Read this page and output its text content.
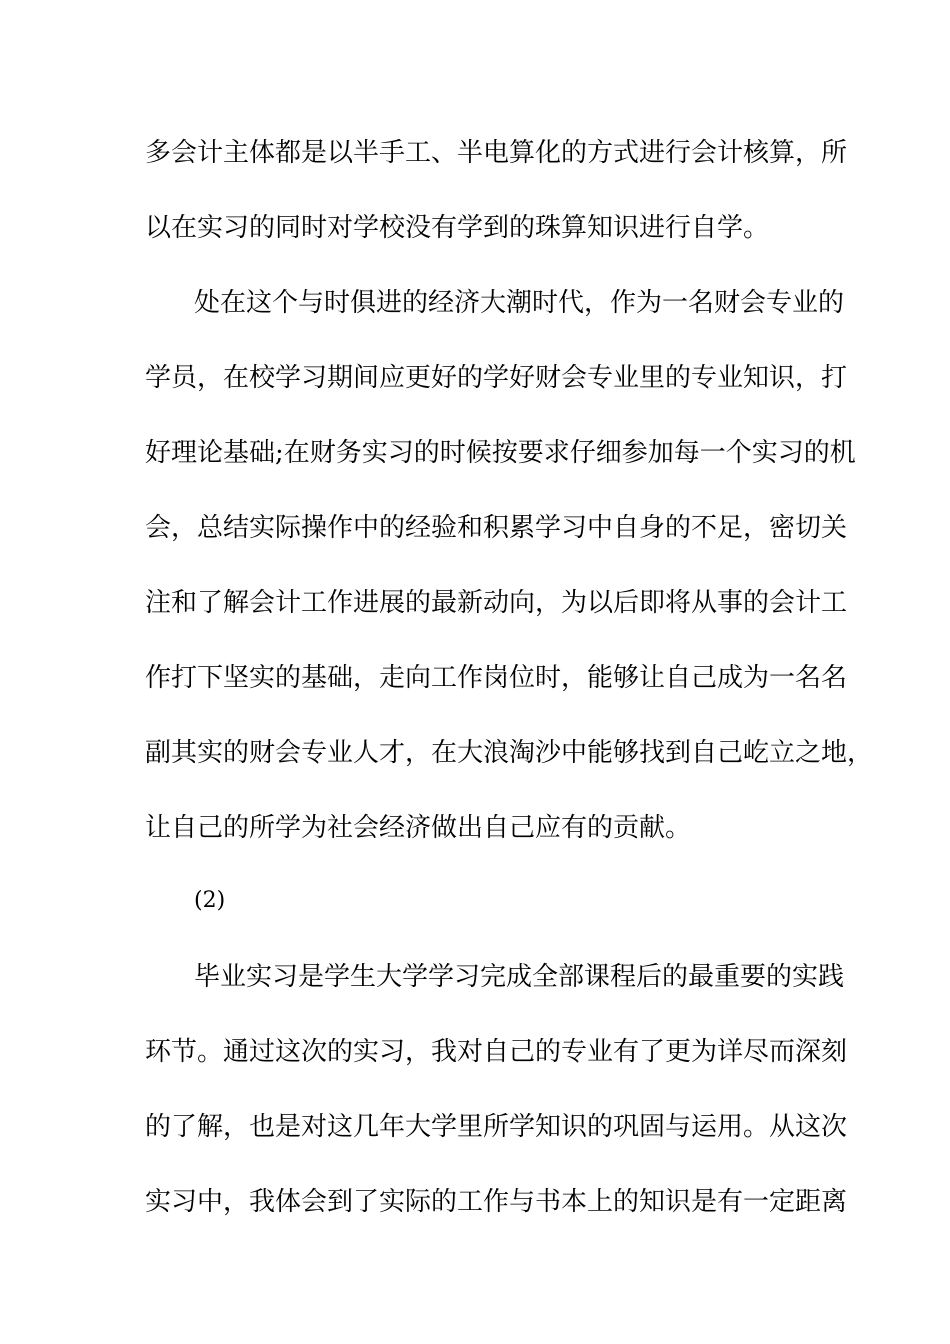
多会计主体都是以半手工、半电算化的方式进行会计核算，所
以在实习的同时对学校没有学到的珠算知识进行自学。
处在这个与时俱进的经济大潮时代，作为一名财会专业的
学员，在校学习期间应更好的学好财会专业里的专业知识，打
好理论基础;在财务实习的时候按要求仔细参加每一个实习的机
会，总结实际操作中的经验和积累学习中自身的不足，密切关
注和了解会计工作进展的最新动向，为以后即将从事的会计工
作打下坚实的基础，走向工作岗位时，能够让自己成为一名名
副其实的财会专业人才，在大浪淘沙中能够找到自己屹立之地，
让自己的所学为社会经济做出自己应有的贡献。
(2)
毕业实习是学生大学学习完成全部课程后的最重要的实践
环节。通过这次的实习，我对自己的专业有了更为详尽而深刻
的了解，也是对这几年大学里所学知识的巩固与运用。从这次
实习中，我体会到了实际的工作与书本上的知识是有一定距离
